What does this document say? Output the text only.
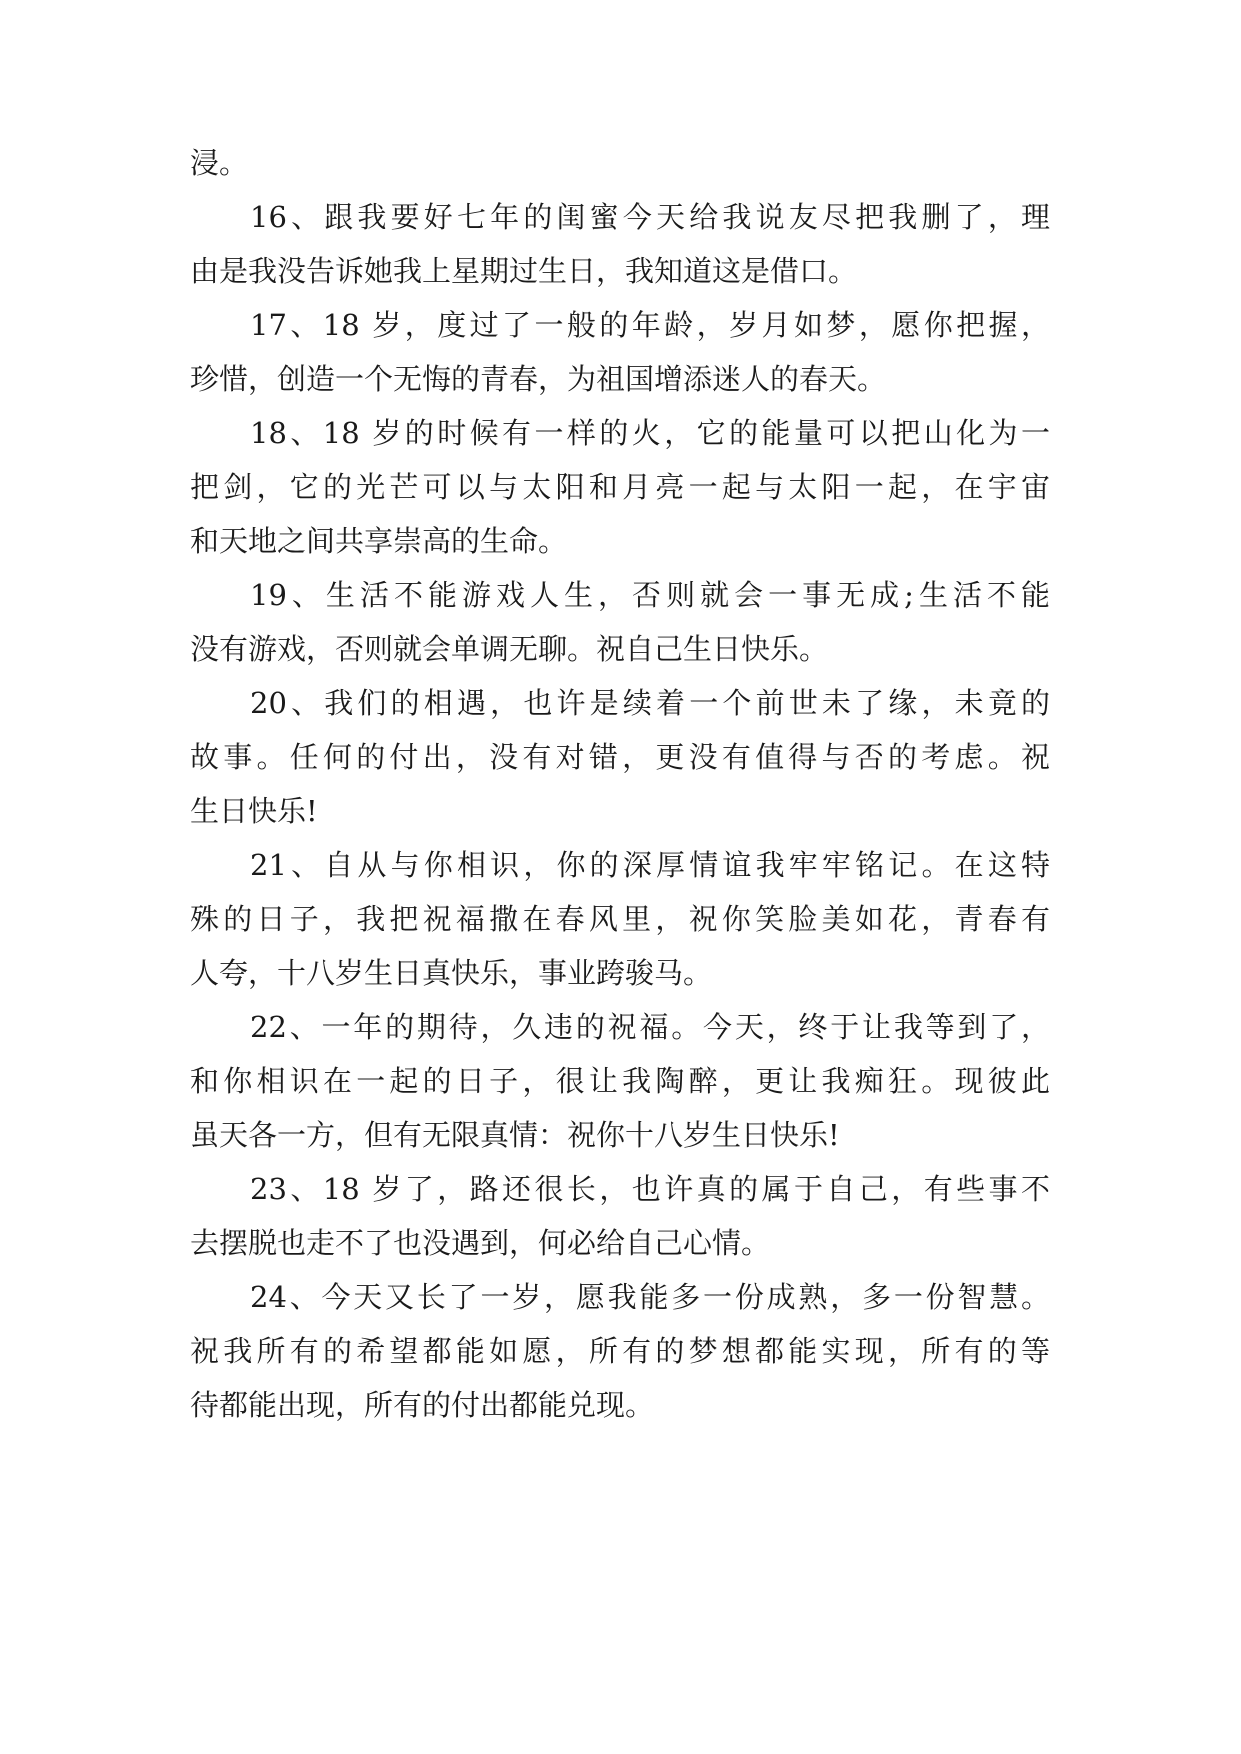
浸。
16、跟我要好七年的闺蜜今天给我说友尽把我删了，理
由是我没告诉她我上星期过生日，我知道这是借口。
17、18 岁，度过了一般的年龄，岁月如梦，愿你把握，
珍惜，创造一个无悔的青春，为祖国增添迷人的春天。
18、18 岁的时候有一样的火，它的能量可以把山化为一
把剑，它的光芒可以与太阳和月亮一起与太阳一起，在宇宙
和天地之间共享崇高的生命。
19、生活不能游戏人生，否则就会一事无成;生活不能
没有游戏，否则就会单调无聊。祝自己生日快乐。
20、我们的相遇，也许是续着一个前世未了缘，未竟的
故事。任何的付出，没有对错，更没有值得与否的考虑。祝
生日快乐!
21、自从与你相识，你的深厚情谊我牢牢铭记。在这特
殊的日子，我把祝福撒在春风里，祝你笑脸美如花，青春有
人夸，十八岁生日真快乐，事业跨骏马。
22、一年的期待，久违的祝福。今天，终于让我等到了，
和你相识在一起的日子，很让我陶醉，更让我痴狂。现彼此
虽天各一方，但有无限真情：祝你十八岁生日快乐!
23、18 岁了，路还很长，也许真的属于自己，有些事不
去摆脱也走不了也没遇到，何必给自己心情。
24、今天又长了一岁，愿我能多一份成熟，多一份智慧。
祝我所有的希望都能如愿，所有的梦想都能实现，所有的等
待都能出现，所有的付出都能兑现。
